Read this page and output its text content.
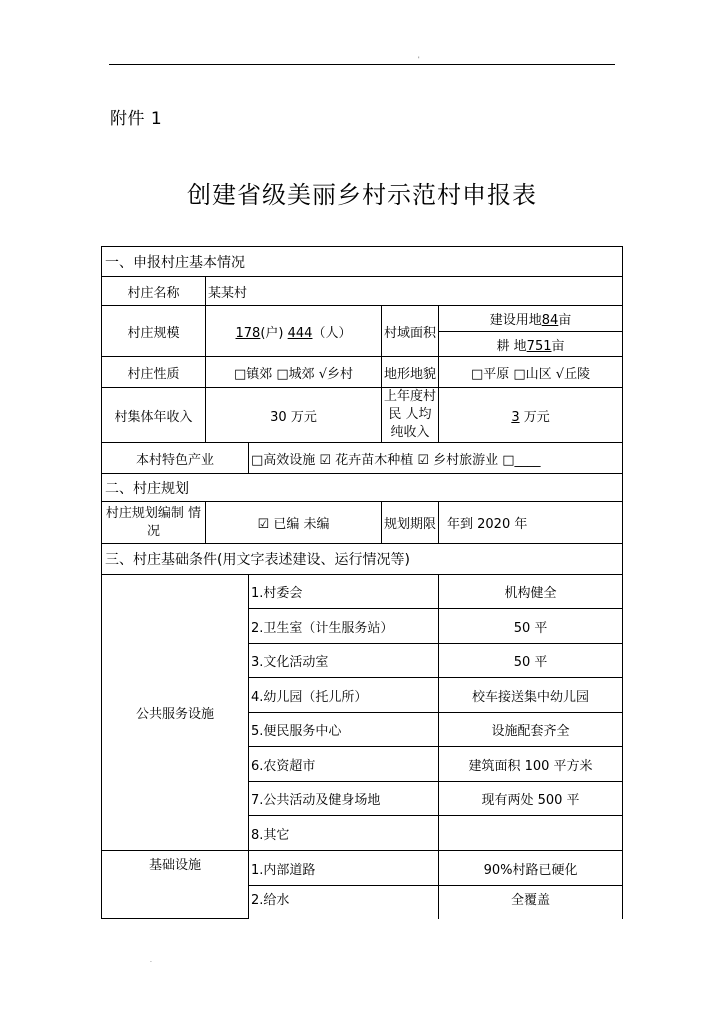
'
附件 1
创建省级美丽乡村示范村申报表
一、申报村庄基本情况				
村庄名称	某某村			
村庄规模	178(户) 444（人）		村域面积	建设用地84亩
				耕 地751亩
村庄性质	□镇郊 □城郊 √乡村		地形地貌	□平原 □山区 √丘陵
村集体年收入	30 万元		上年度村民 人均纯收入	3 万元
本村特色产业		□高效设施 ☑ 花卉苗木种植 ☑ 乡村旅游业 □____		
二、村庄规划				
村庄规划编制 情 况	☑ 已编 未编		规划期限	年到 2020 年
三、村庄基础条件(用文字表述建设、运行情况等)				
公共服务设施		1.村委会		机构健全
		2.卫生室（计生服务站）		50 平
		3.文化活动室		50 平
		4.幼儿园（托儿所）		校车接送集中幼儿园
		5.便民服务中心		设施配套齐全
		6.农资超市		建筑面积 100 平方米
		7.公共活动及健身场地		现有两处 500 平
		8.其它		
基础设施		1.内部道路		90%村路已硬化
		2.给水		全覆盖
.
